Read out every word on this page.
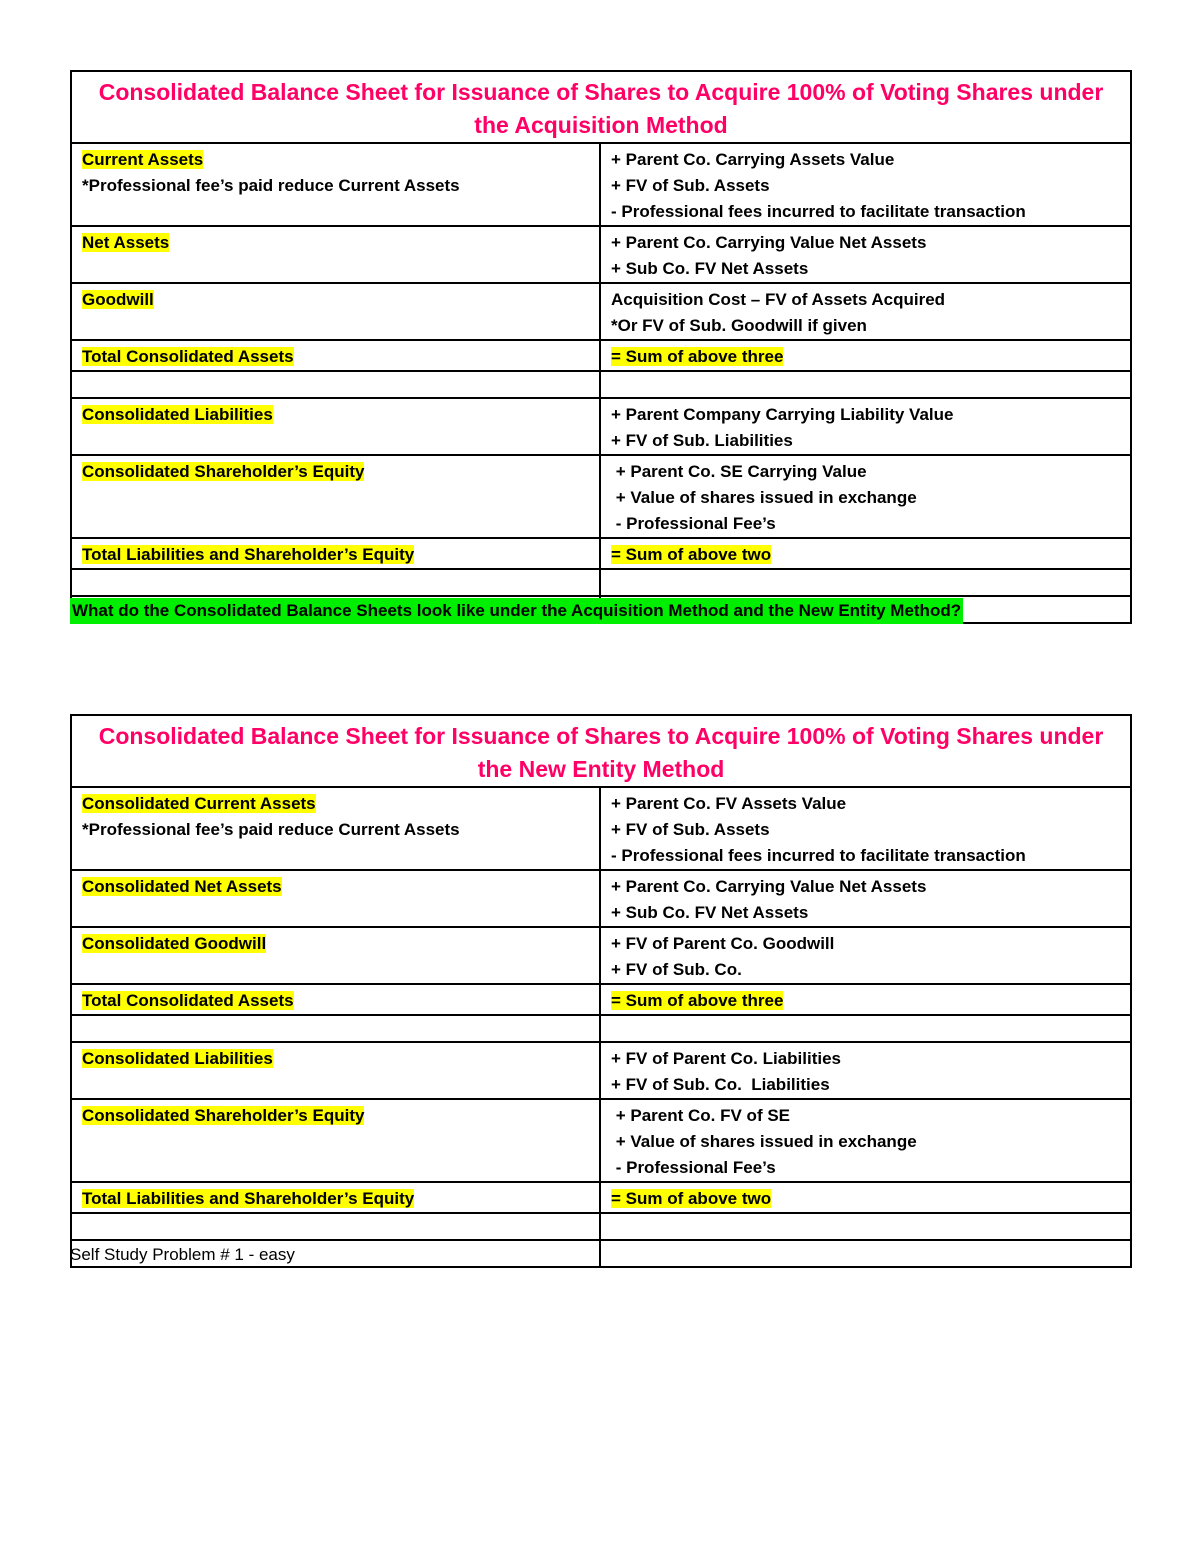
Consolidated Balance Sheet for Issuance of Shares to Acquire 100% of Voting Shares under
the Acquisition Method	
Current Assets
*Professional fee’s paid reduce Current Assets	+ Parent Co. Carrying Assets Value
+ FV of Sub. Assets
- Professional fees incurred to facilitate transaction

Net Assets	+ Parent Co. Carrying Value Net Assets
+ Sub Co. FV Net Assets

Goodwill	Acquisition Cost – FV of Assets Acquired
*Or FV of Sub. Goodwill if given

Total Consolidated Assets	= Sum of above three

Consolidated Liabilities	+ Parent Company Carrying Liability Value
+ FV of Sub. Liabilities

Consolidated Shareholder’s Equity	+ Parent Co. SE Carrying Value
+ Value of shares issued in exchange
- Professional Fee’s

Total Liabilities and Shareholder’s Equity	= Sum of above two

What do the Consolidated Balance Sheets look like under the Acquisition Method and the New Entity Method?
Consolidated Balance Sheet for Issuance of Shares to Acquire 100% of Voting Shares under
the New Entity Method	
Consolidated Current Assets
*Professional fee’s paid reduce Current Assets	+ Parent Co. FV Assets Value
+ FV of Sub. Assets
- Professional fees incurred to facilitate transaction

Consolidated Net Assets	+ Parent Co. Carrying Value Net Assets
+ Sub Co. FV Net Assets

Consolidated Goodwill	+ FV of Parent Co. Goodwill
+ FV of Sub. Co.

Total Consolidated Assets	= Sum of above three

Consolidated Liabilities	+ FV of Parent Co. Liabilities
+ FV of Sub. Co.  Liabilities

Consolidated Shareholder’s Equity	+ Parent Co. FV of SE
+ Value of shares issued in exchange
- Professional Fee’s

Total Liabilities and Shareholder’s Equity	= Sum of above two

Self Study Problem # 1 - easy
